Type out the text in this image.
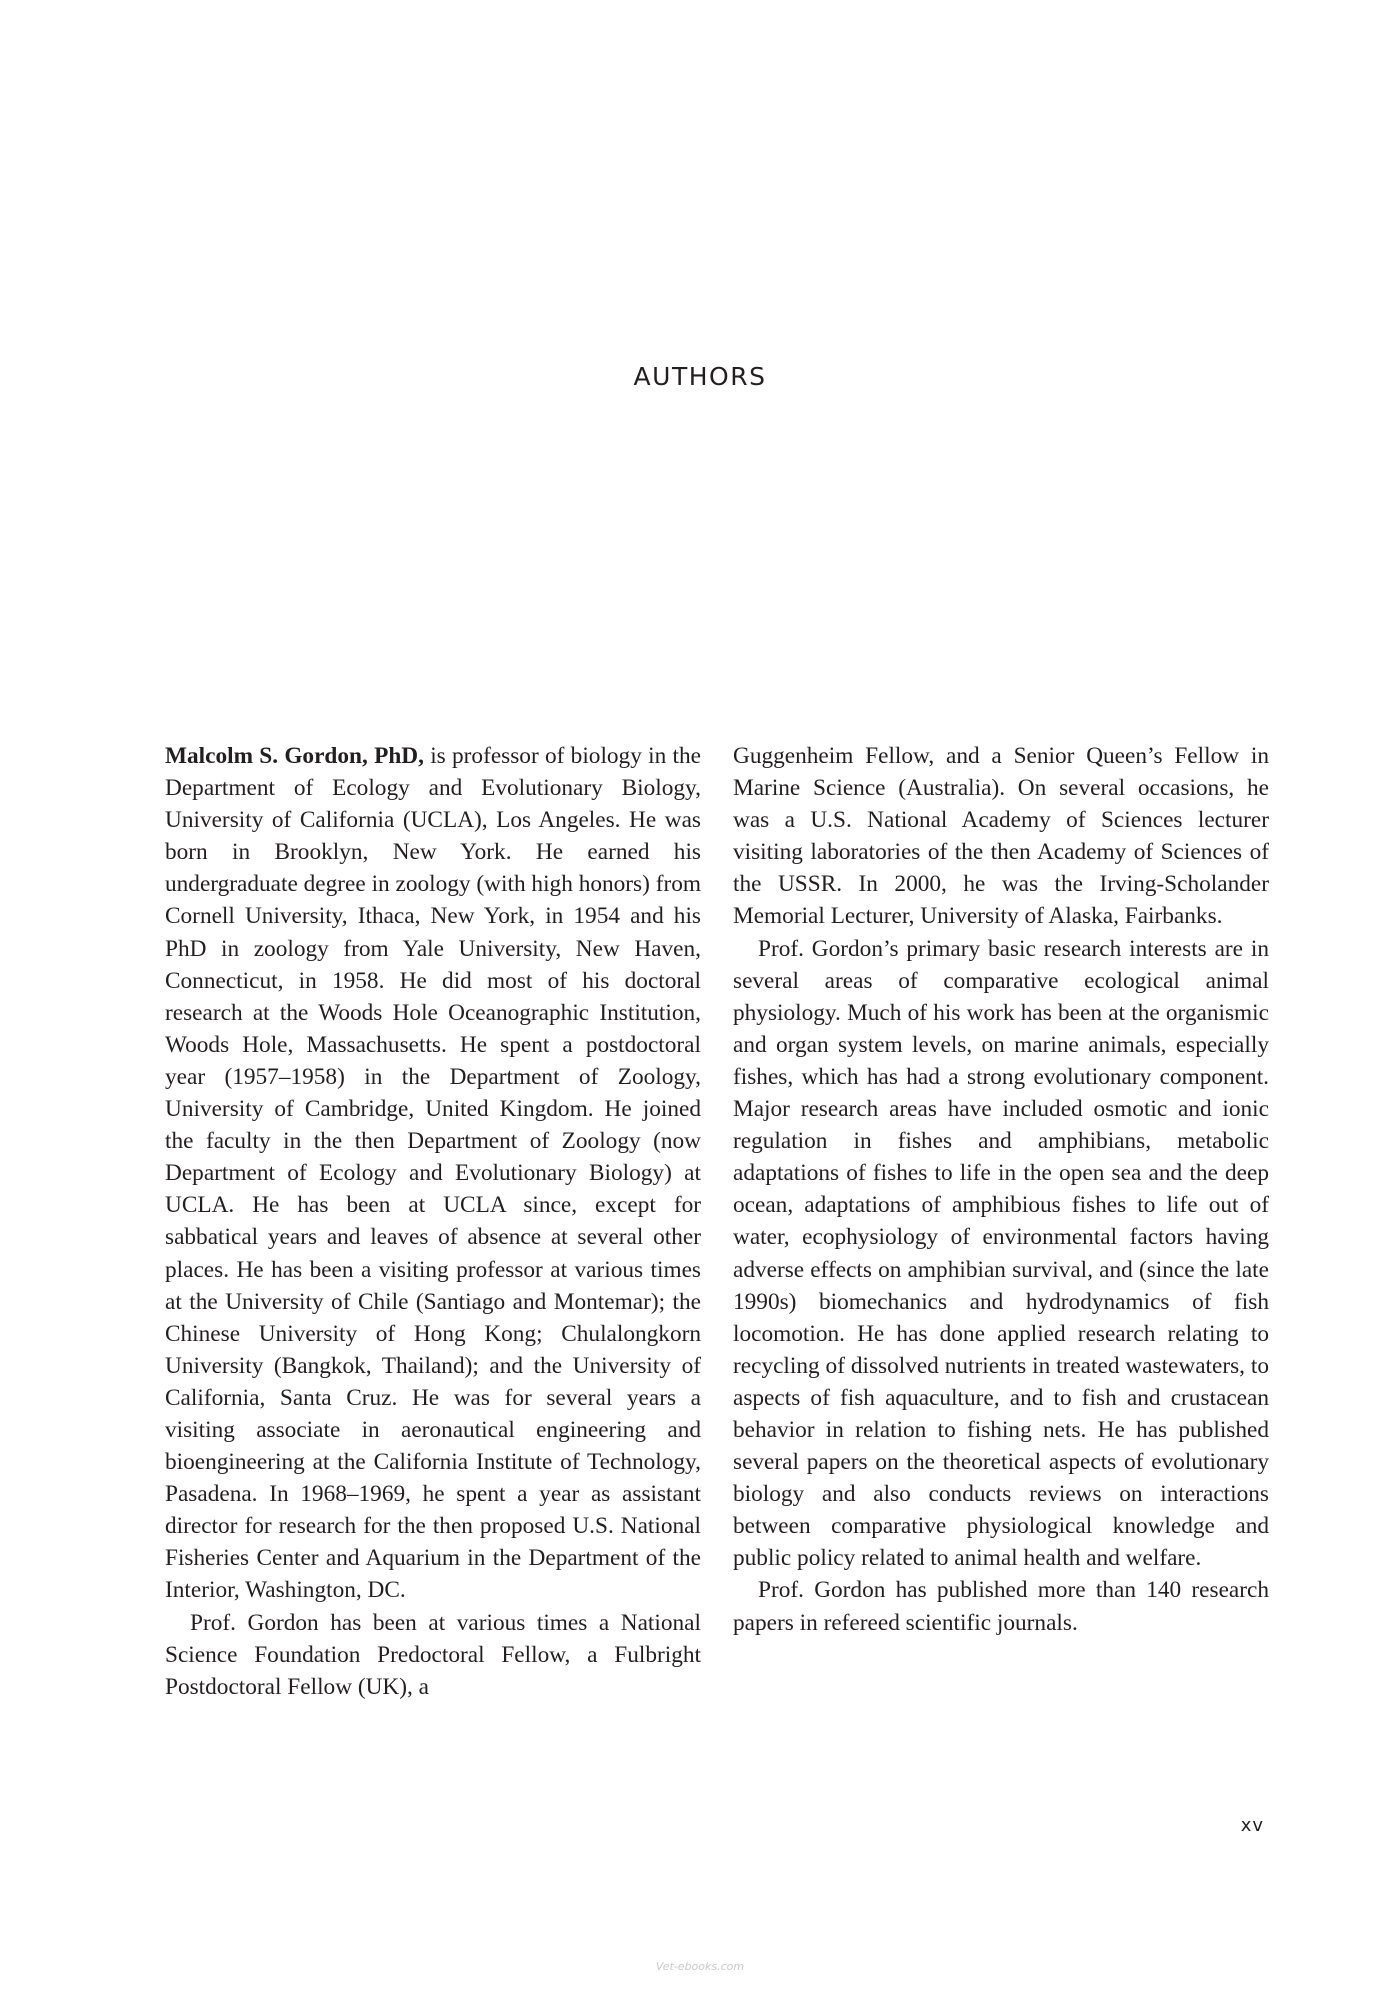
AUTHORS

Malcolm S. Gordon, PhD, is professor of biology in the Department of Ecology and Evolutionary Biology, University of California (UCLA), Los Angeles. He was born in Brooklyn, New York. He earned his undergraduate degree in zoology (with high honors) from Cornell University, Ithaca, New York, in 1954 and his PhD in zoology from Yale University, New Haven, Connecticut, in 1958. He did most of his doctoral research at the Woods Hole Oceanographic Institution, Woods Hole, Massachusetts. He spent a postdoctoral year (1957–1958) in the Department of Zoology, University of Cambridge, United Kingdom. He joined the faculty in the then Department of Zoology (now Department of Ecology and Evolutionary Biology) at UCLA. He has been at UCLA since, except for sabbatical years and leaves of absence at several other places. He has been a visiting professor at various times at the University of Chile (Santiago and Montemar); the Chinese University of Hong Kong; Chulalongkorn University (Bangkok, Thailand); and the University of California, Santa Cruz. He was for several years a visiting associate in aeronautical engineering and bioengineering at the California Institute of Technology, Pasadena. In 1968–1969, he spent a year as assistant director for research for the then proposed U.S. National Fisheries Center and Aquarium in the Department of the Interior, Washington, DC.

Prof. Gordon has been at various times a National Science Foundation Predoctoral Fellow, a Fulbright Postdoctoral Fellow (UK), a

Guggenheim Fellow, and a Senior Queen’s Fellow in Marine Science (Australia). On several occasions, he was a U.S. National Academy of Sciences lecturer visiting laboratories of the then Academy of Sciences of the USSR. In 2000, he was the Irving-Scholander Memorial Lecturer, University of Alaska, Fairbanks.

Prof. Gordon’s primary basic research interests are in several areas of comparative ecological animal physiology. Much of his work has been at the organismic and organ system levels, on marine animals, especially fishes, which has had a strong evolutionary component. Major research areas have included osmotic and ionic regulation in fishes and amphibians, metabolic adaptations of fishes to life in the open sea and the deep ocean, adaptations of amphibious fishes to life out of water, ecophysiology of environmental factors having adverse effects on amphibian survival, and (since the late 1990s) biomechanics and hydrodynamics of fish locomotion. He has done applied research relating to recycling of dissolved nutrients in treated wastewaters, to aspects of fish aquaculture, and to fish and crustacean behavior in relation to fishing nets. He has published several papers on the theoretical aspects of evolutionary biology and also conducts reviews on interactions between comparative physiological knowledge and public policy related to animal health and welfare.

Prof. Gordon has published more than 140 research papers in refereed scientific journals.

xv
Vet-ebooks.com
